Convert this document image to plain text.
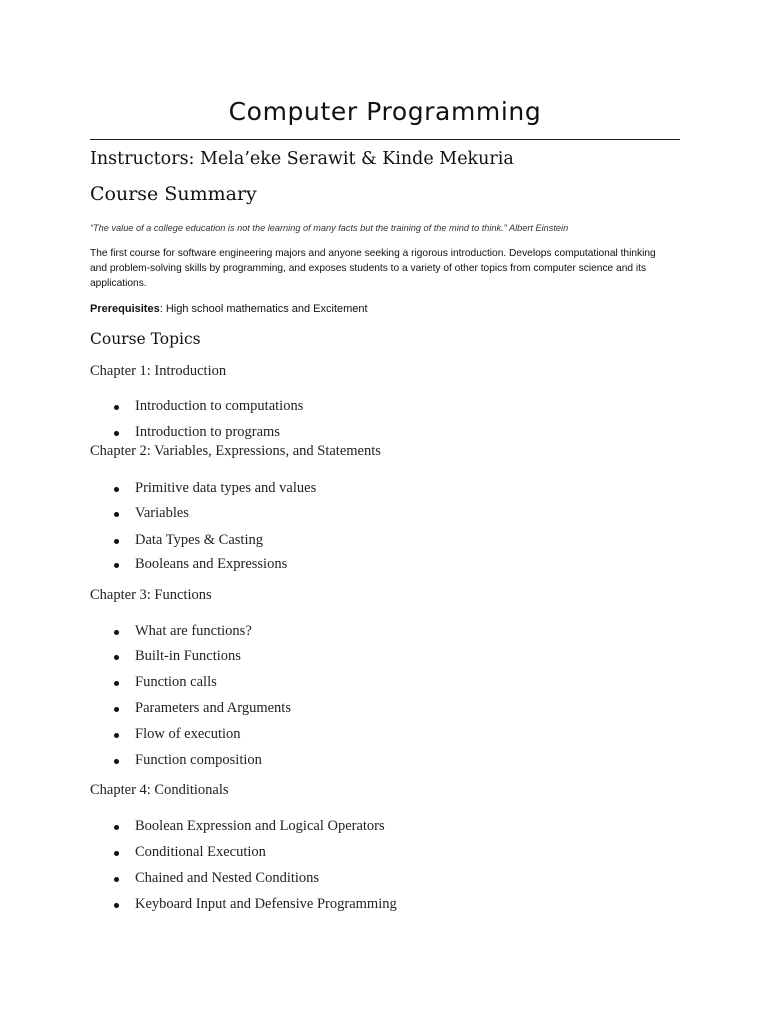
Computer Programming
Instructors: Mela’eke Serawit & Kinde Mekuria
Course Summary

“The value of a college education is not the learning of many facts but the training of the mind to think.” Albert Einstein

The first course for software engineering majors and anyone seeking a rigorous introduction. Develops computational thinking
and problem-solving skills by programming, and exposes students to a variety of other topics from computer science and its
applications.

Prerequisites: High school mathematics and Excitement

Course Topics

Chapter 1: Introduction

Introduction to computations
Introduction to programs

Chapter 2: Variables, Expressions, and Statements

Primitive data types and values
Variables
Data Types & Casting
Booleans and Expressions

Chapter 3: Functions

What are functions?
Built-in Functions
Function calls
Parameters and Arguments
Flow of execution
Function composition

Chapter 4: Conditionals

Boolean Expression and Logical Operators
Conditional Execution
Chained and Nested Conditions
Keyboard Input and Defensive Programming
